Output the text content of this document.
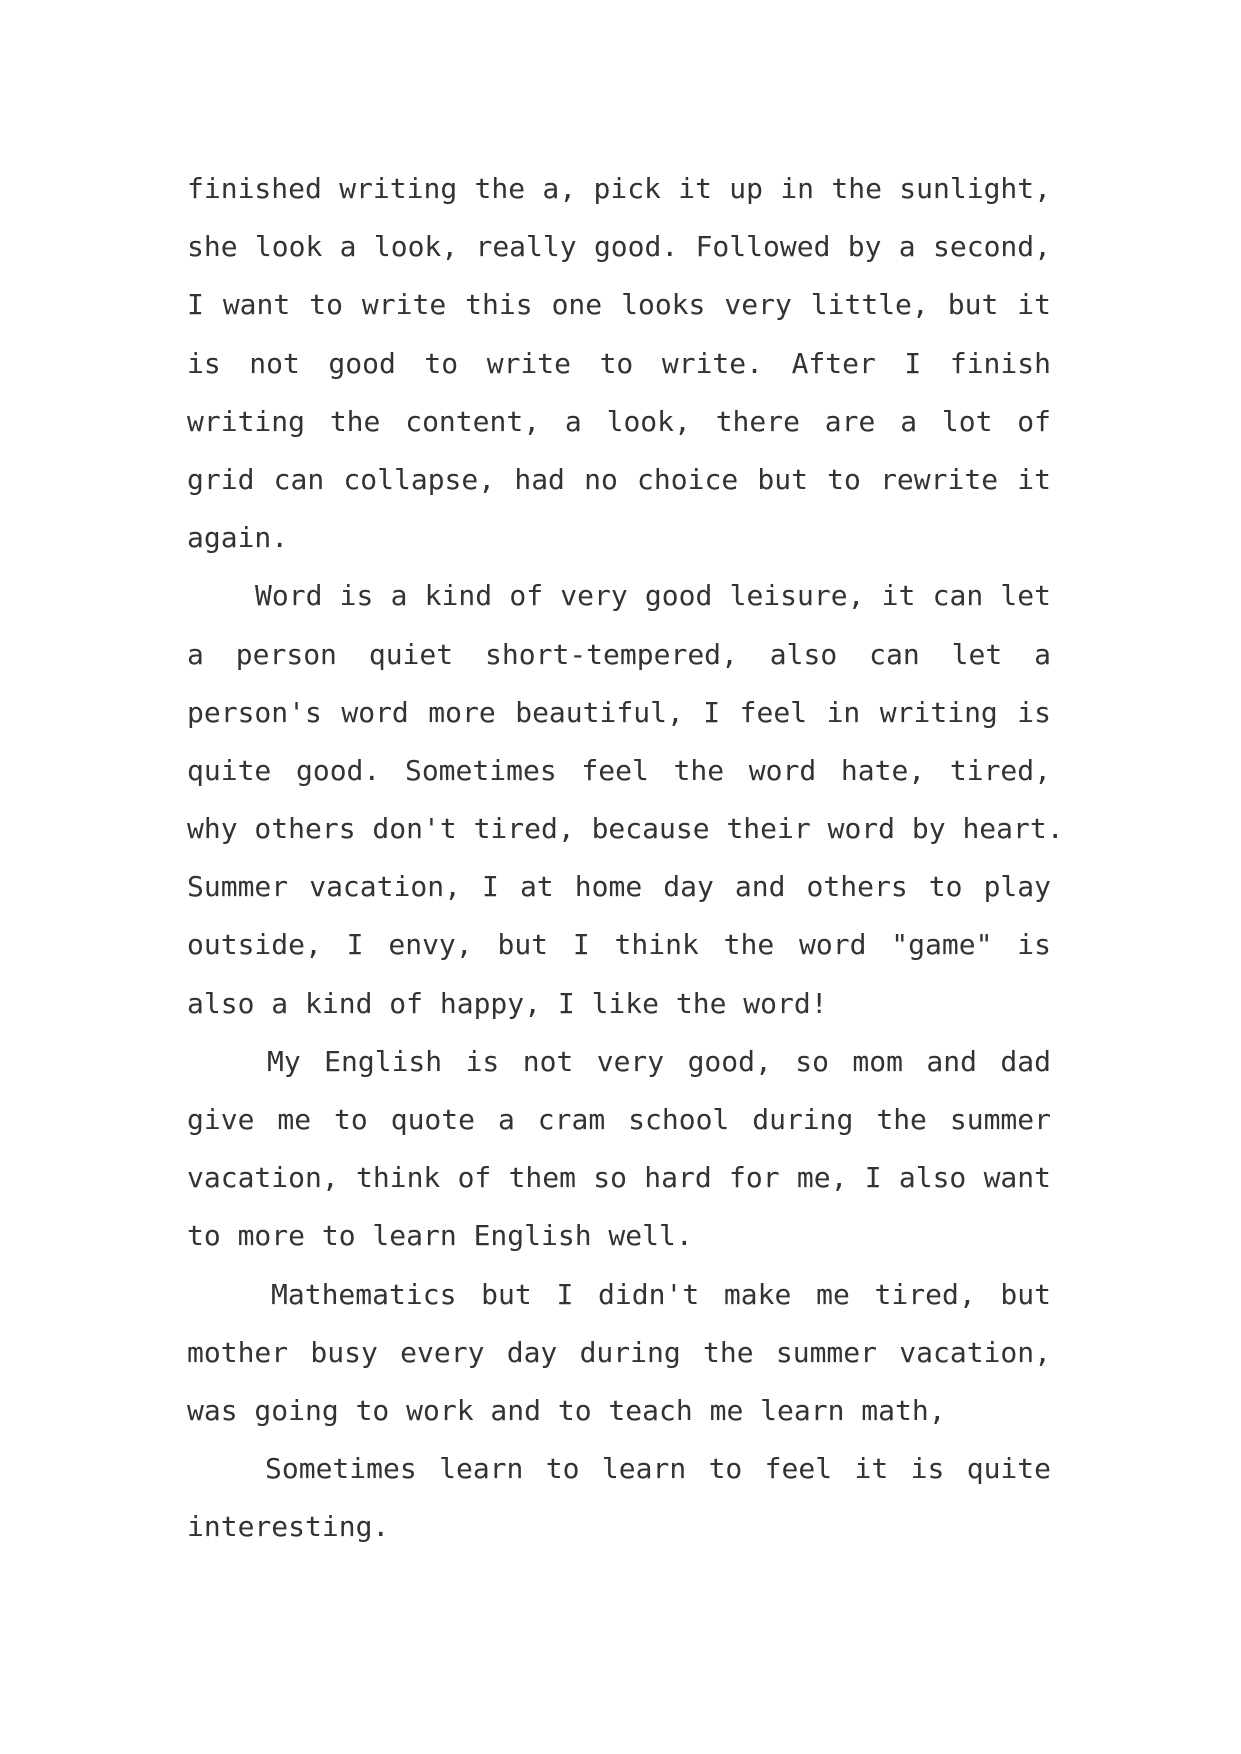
finished writing the a, pick it up in the sunlight,
she look a look, really good. Followed by a second,
I want to write this one looks very little, but it
is not good to write to write. After I finish
writing the content, a look, there are a lot of
grid can collapse, had no choice but to rewrite it
again.
Word is a kind of very good leisure, it can let
a person quiet short-tempered, also can let a
person's word more beautiful, I feel in writing is
quite good. Sometimes feel the word hate, tired,
why others don't tired, because their word by heart.
Summer vacation, I at home day and others to play
outside, I envy, but I think the word "game" is
also a kind of happy, I like the word!
My English is not very good, so mom and dad
give me to quote a cram school during the summer
vacation, think of them so hard for me, I also want
to more to learn English well.
Mathematics but I didn't make me tired, but
mother busy every day during the summer vacation,
was going to work and to teach me learn math,
Sometimes learn to learn to feel it is quite
interesting.
